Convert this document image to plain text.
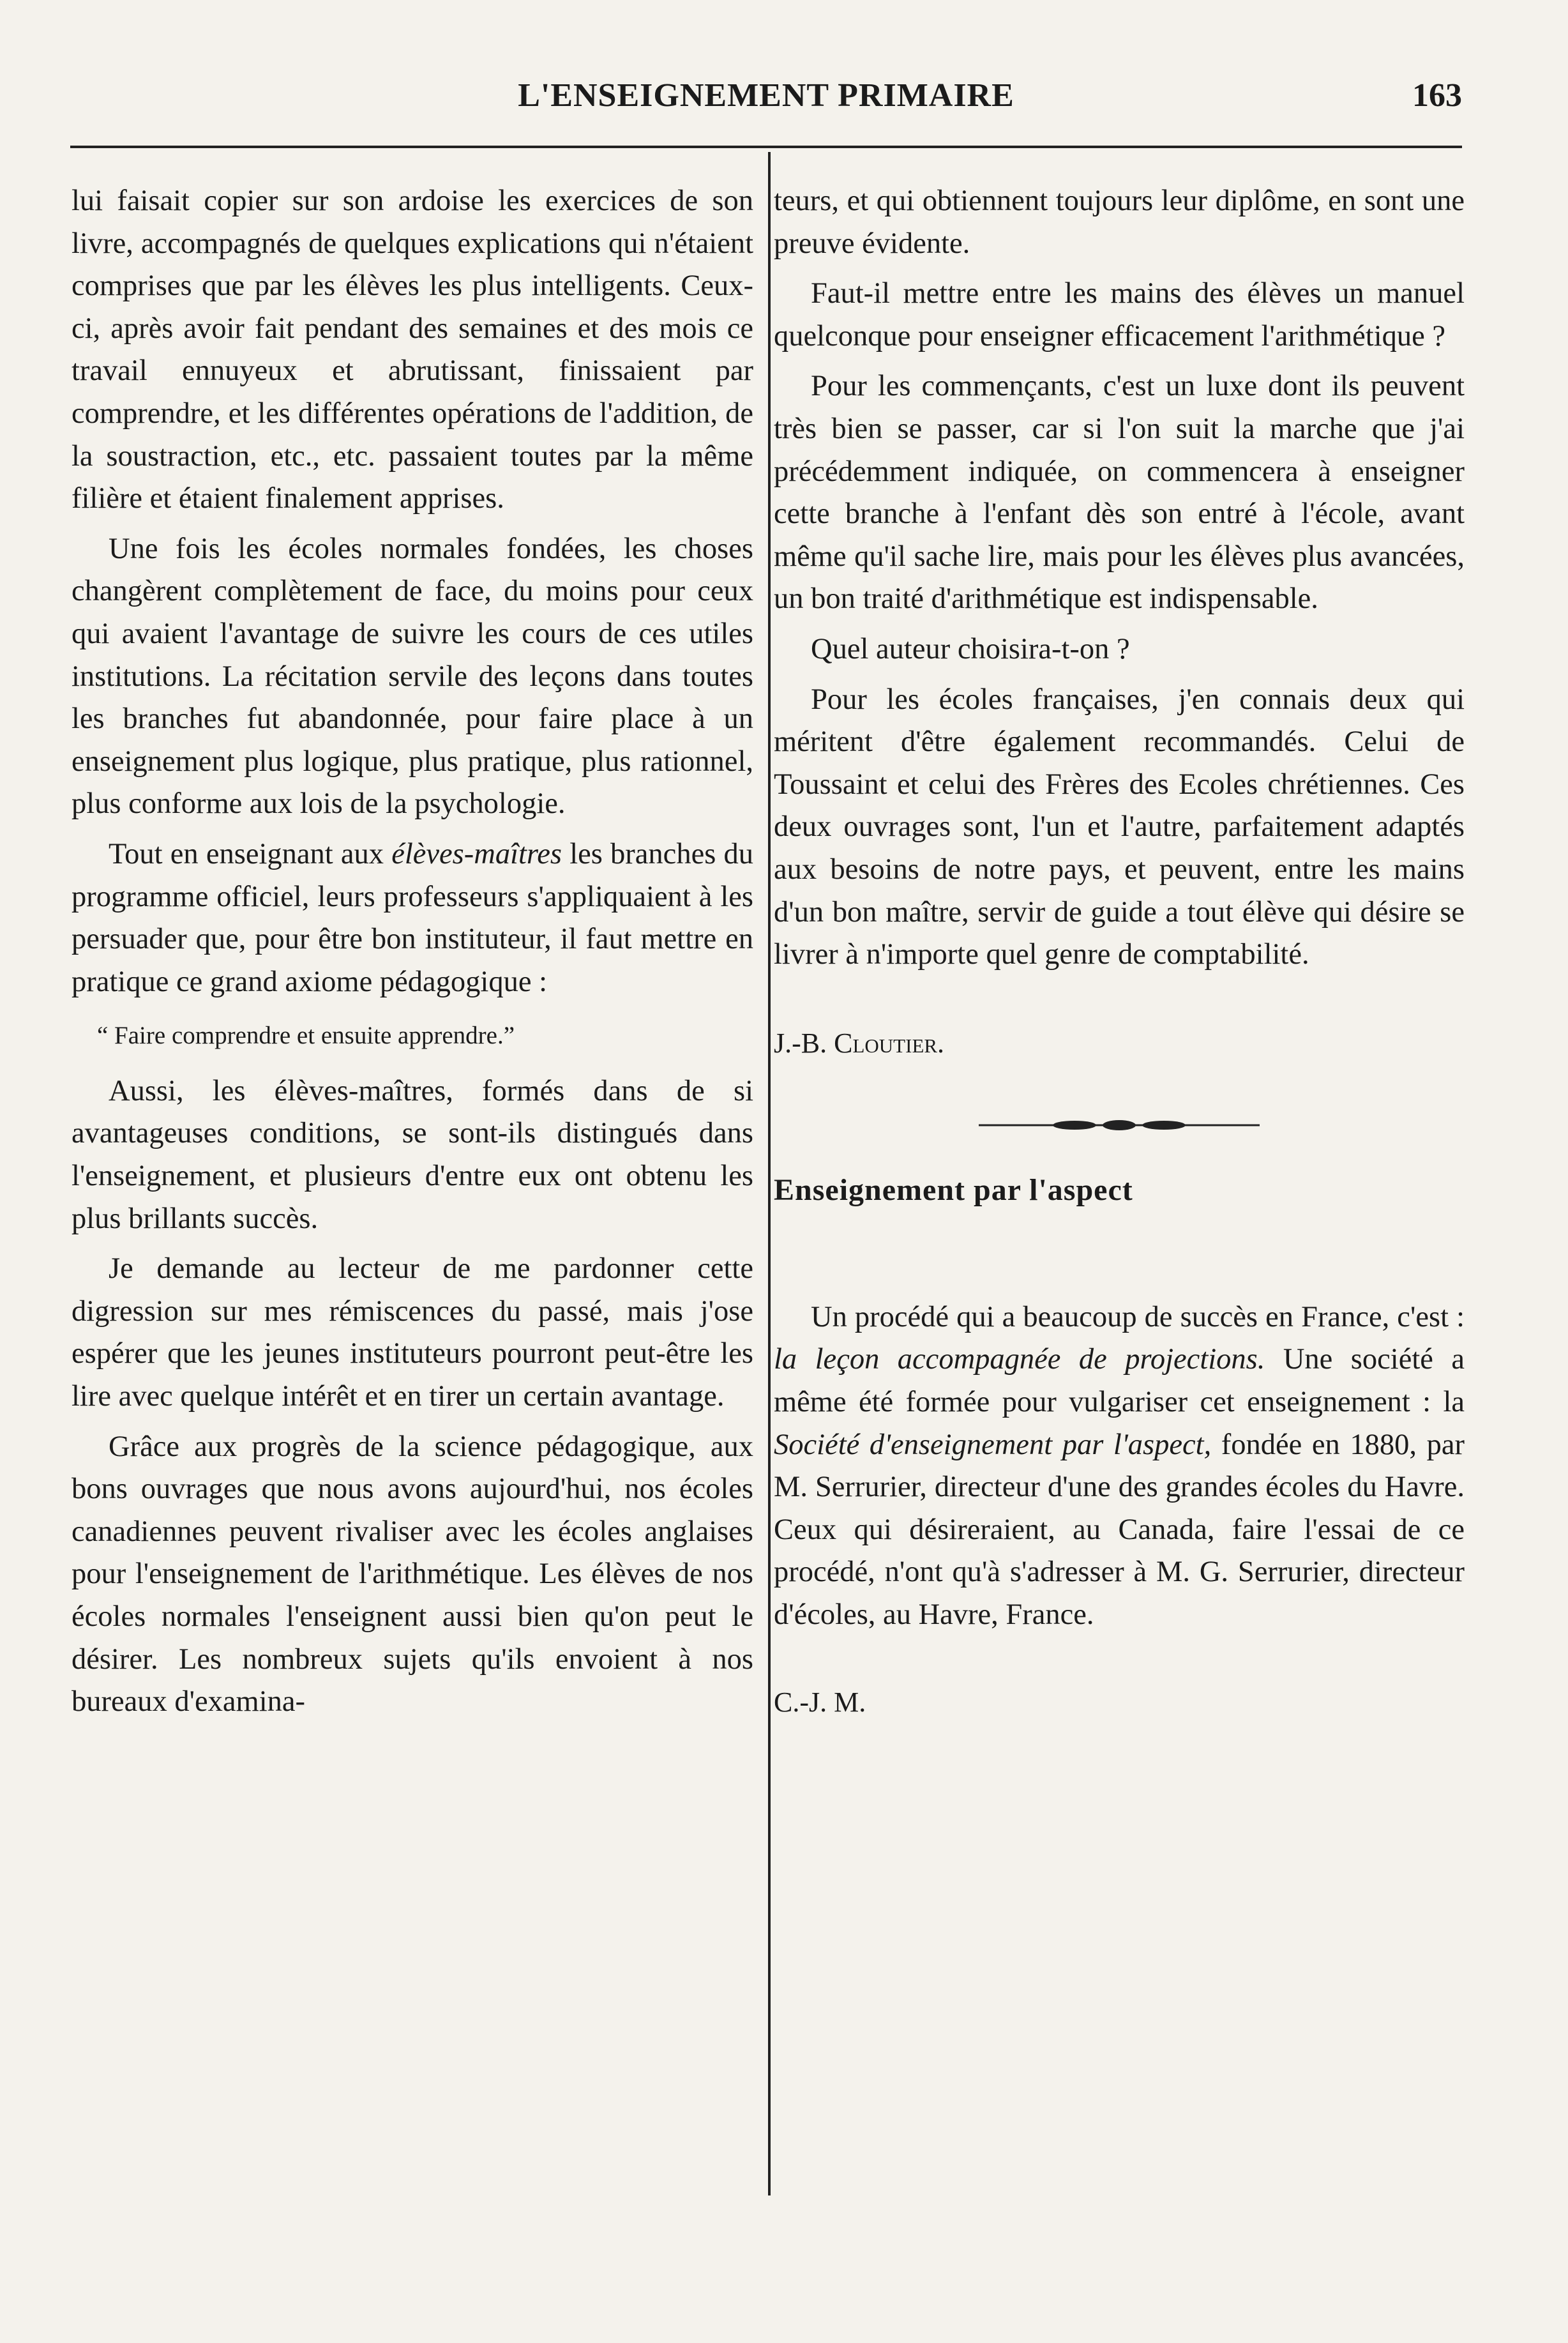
L'ENSEIGNEMENT PRIMAIRE	163

lui faisait copier sur son ardoise les exercices de son livre, accompagnés de quelques explications qui n'étaient comprises que par les élèves les plus intelligents. Ceux-ci, après avoir fait pendant des semaines et des mois ce travail ennuyeux et abrutissant, finissaient par comprendre, et les différentes opérations de l'addition, de la soustraction, etc., etc. passaient toutes par la même filière et étaient finalement apprises.

Une fois les écoles normales fondées, les choses changèrent complètement de face, du moins pour ceux qui avaient l'avantage de suivre les cours de ces utiles institutions. La récitation servile des leçons dans toutes les branches fut abandonnée, pour faire place à un enseignement plus logique, plus pratique, plus rationnel, plus conforme aux lois de la psychologie.

Tout en enseignant aux élèves-maîtres les branches du programme officiel, leurs professeurs s'appliquaient à les persuader que, pour être bon instituteur, il faut mettre en pratique ce grand axiome pédagogique :

“ Faire comprendre et ensuite apprendre.”

Aussi, les élèves-maîtres, formés dans de si avantageuses conditions, se sont-ils distingués dans l'enseignement, et plusieurs d'entre eux ont obtenu les plus brillants succès.

Je demande au lecteur de me pardonner cette digression sur mes rémiscences du passé, mais j'ose espérer que les jeunes instituteurs pourront peut-être les lire avec quelque intérêt et en tirer un certain avantage.

Grâce aux progrès de la science pédagogique, aux bons ouvrages que nous avons aujourd'hui, nos écoles canadiennes peuvent rivaliser avec les écoles anglaises pour l'enseignement de l'arithmétique. Les élèves de nos écoles normales l'enseignent aussi bien qu'on peut le désirer. Les nombreux sujets qu'ils envoient à nos bureaux d'examina-

teurs, et qui obtiennent toujours leur diplôme, en sont une preuve évidente.

Faut-il mettre entre les mains des élèves un manuel quelconque pour enseigner efficacement l'arithmétique ?

Pour les commençants, c'est un luxe dont ils peuvent très bien se passer, car si l'on suit la marche que j'ai précédemment indiquée, on commencera à enseigner cette branche à l'enfant dès son entré à l'école, avant même qu'il sache lire, mais pour les élèves plus avancées, un bon traité d'arithmétique est indispensable.

Quel auteur choisira-t-on ?

Pour les écoles françaises, j'en connais deux qui méritent d'être également recommandés. Celui de Toussaint et celui des Frères des Ecoles chrétiennes. Ces deux ouvrages sont, l'un et l'autre, parfaitement adaptés aux besoins de notre pays, et peuvent, entre les mains d'un bon maître, servir de guide a tout élève qui désire se livrer à n'importe quel genre de comptabilité.

J.-B. Cloutier.

Enseignement par l'aspect

Un procédé qui a beaucoup de succès en France, c'est : la leçon accompagnée de projections. Une société a même été formée pour vulgariser cet enseignement : la Société d'enseignement par l'aspect, fondée en 1880, par M. Serrurier, directeur d'une des grandes écoles du Havre. Ceux qui désireraient, au Canada, faire l'essai de ce procédé, n'ont qu'à s'adresser à M. G. Serrurier, directeur d'écoles, au Havre, France.

C.-J. M.
